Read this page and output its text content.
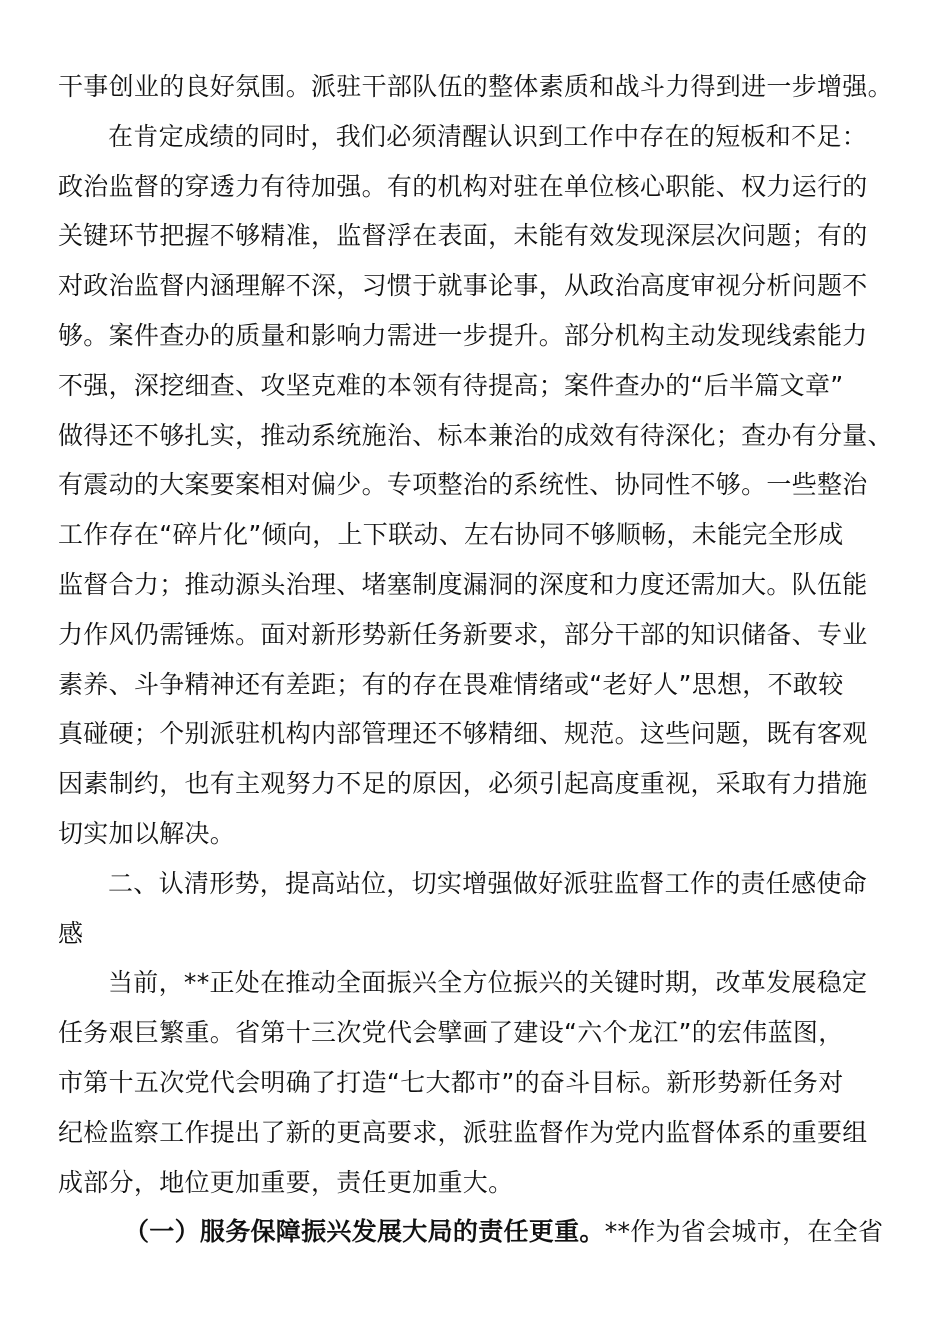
干事创业的良好氛围。派驻干部队伍的整体素质和战斗力得到进一步增强。
在肯定成绩的同时，我们必须清醒认识到工作中存在的短板和不足：
政治监督的穿透力有待加强。有的机构对驻在单位核心职能、权力运行的
关键环节把握不够精准，监督浮在表面，未能有效发现深层次问题；有的
对政治监督内涵理解不深，习惯于就事论事，从政治高度审视分析问题不
够。案件查办的质量和影响力需进一步提升。部分机构主动发现线索能力
不强，深挖细查、攻坚克难的本领有待提高；案件查办的“后半篇文章”
做得还不够扎实，推动系统施治、标本兼治的成效有待深化；查办有分量、
有震动的大案要案相对偏少。专项整治的系统性、协同性不够。一些整治
工作存在“碎片化”倾向，上下联动、左右协同不够顺畅，未能完全形成
监督合力；推动源头治理、堵塞制度漏洞的深度和力度还需加大。队伍能
力作风仍需锤炼。面对新形势新任务新要求，部分干部的知识储备、专业
素养、斗争精神还有差距；有的存在畏难情绪或“老好人”思想，不敢较
真碰硬；个别派驻机构内部管理还不够精细、规范。这些问题，既有客观
因素制约，也有主观努力不足的原因，必须引起高度重视，采取有力措施
切实加以解决。
二、认清形势，提高站位，切实增强做好派驻监督工作的责任感使命
感
当前，**正处在推动全面振兴全方位振兴的关键时期，改革发展稳定
任务艰巨繁重。省第十三次党代会擘画了建设“六个龙江”的宏伟蓝图，
市第十五次党代会明确了打造“七大都市”的奋斗目标。新形势新任务对
纪检监察工作提出了新的更高要求，派驻监督作为党内监督体系的重要组
成部分，地位更加重要，责任更加重大。
（一）服务保障振兴发展大局的责任更重。**作为省会城市，在全省
